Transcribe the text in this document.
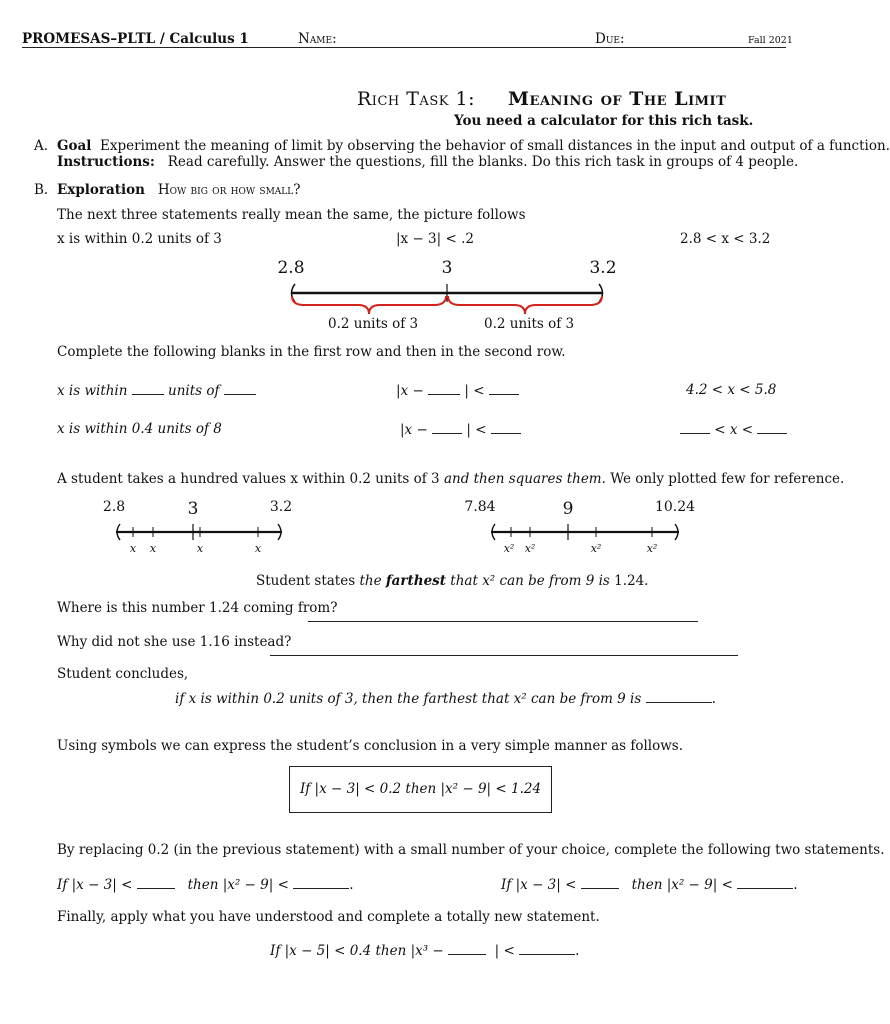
PROMESAS–PLTL / Calculus 1	Name:	Due:	Fall 2021
Rich Task 1: Meaning of The Limit
You need a calculator for this rich task.
A. Goal Experiment the meaning of limit by observing the behavior of small distances in the input and output of a function.
Instructions: Read carefully. Answer the questions, fill the blanks. Do this rich task in groups of 4 people.
B. Exploration How big or how small?
The next three statements really mean the same, the picture follows
x is within 0.2 units of 3	|x − 3| < .2	2.8 < x < 3.2
2.8	3	3.2
0.2 units of 3	0.2 units of 3
Complete the following blanks in the first row and then in the second row.
x is within	units of	|x −	| <	4.2 < x < 5.8
x is within 0.4 units of 8	|x −	| <	< x <
A student takes a hundred values x within 0.2 units of 3 and then squares them. We only plotted few for reference.
2.8	3	3.2
x x	x	x
7.84	9	10.24
x² x²	x²	x²
Student states the farthest that x² can be from 9 is 1.24.
Where is this number 1.24 coming from?
Why did not she use 1.16 instead?
Student concludes,
if x is within 0.2 units of 3, then the farthest that x² can be from 9 is	.
Using symbols we can express the student’s conclusion in a very simple manner as follows.
If |x − 3| < 0.2 then |x² − 9| < 1.24
By replacing 0.2 (in the previous statement) with a small number of your choice, complete the following two statements.
If |x − 3| <	then |x² − 9| <	.	If |x − 3| <	then |x² − 9| <	.
Finally, apply what you have understood and complete a totally new statement.
If |x − 5| < 0.4 then |x³ −	| <	.
